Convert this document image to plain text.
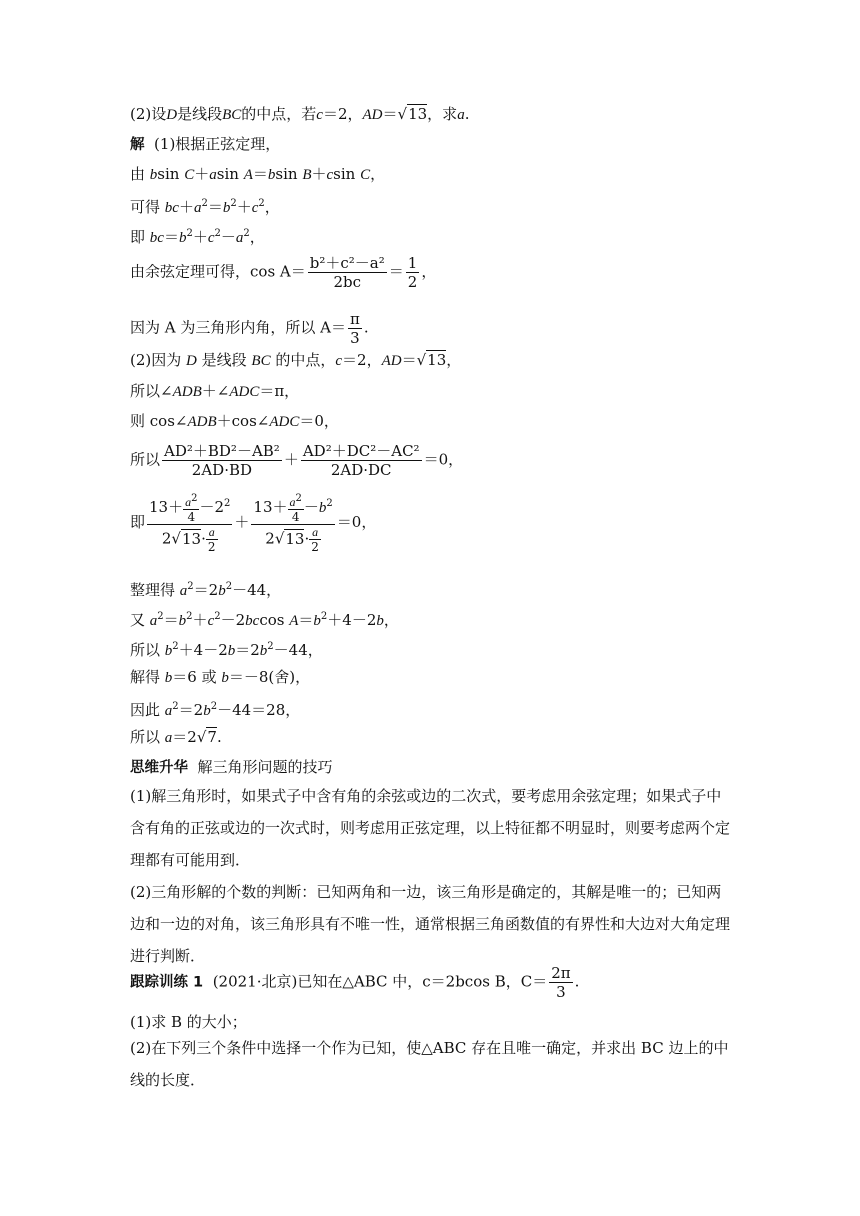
(2)设D是线段BC的中点，若c＝2，AD＝√13，求a.
解 (1)根据正弦定理，
由 bsin C＋asin A＝bsin B＋csin C，
可得 $bc+a^2=b^2+c^2$，
即 $bc=b^2+c^2-a^2$，
由余弦定理可得，$\cos A= \frac{\text{b²＋c²－a²}}{2bc} = \frac{1}{2}$ ，
因为 A 为三角形内角，所以 $A= \frac{\pi}{3}$ .
(2)因为 D 是线段 BC 的中点，c＝2，AD＝√13，
所以∠ADB＋∠ADC＝π，
则 cos∠ADB＋cos∠ADC＝0，
所以 $\frac{\text{AD²＋BD²－AB²}}{2AD\cdot BD} + \frac{\text{AD²＋DC²－AC²}}{2AD\cdot DC} =0$，
即 $\frac{13+ \frac{a^2}{4} -2^2}{2√13\cdot \frac{a}{2}} + \frac{13+ \frac{a^2}{4} -b^2}{2√13\cdot \frac{a}{2}} =0$，
整理得 $a^2=2b^2-44$，
又 $a^2=b^2+c^2-2bccos$ $A=b^2+4-2b$，
所以 $b^2+4-2b=2b^2-44$，
解得 b＝6 或 b＝－8(舍)，
因此 $a^2=2b^2-44=28$，
所以 a＝2√7.
思维升华 解三角形问题的技巧
(1)解三角形时，如果式子中含有角的余弦或边的二次式，要考虑用余弦定理；如果式子中含有角的正弦或边的一次式时，则考虑用正弦定理，以上特征都不明显时，则要考虑两个定理都有可能用到．
(2)三角形解的个数的判断：已知两角和一边，该三角形是确定的，其解是唯一的；已知两边和一边的对角，该三角形具有不唯一性，通常根据三角函数值的有界性和大边对大角定理进行判断．
跟踪训练 1 (2021·北京)已知在△ABC 中，c＝2bcos B，$C= \frac{2\pi}{3}$ .
(1)求 B 的大小；
(2)在下列三个条件中选择一个作为已知，使△ABC 存在且唯一确定，并求出 BC 边上的中线的长度．
